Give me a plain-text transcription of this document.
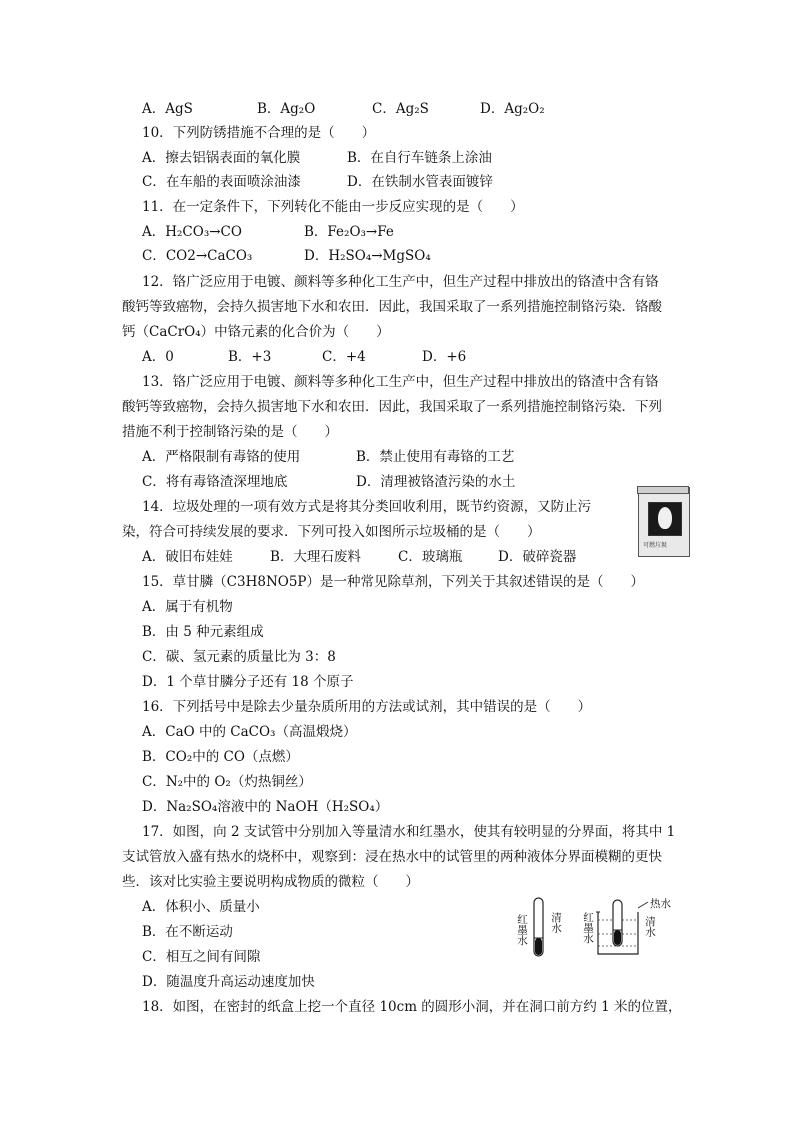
A．AgS	B．Ag₂O	C．Ag₂S	D．Ag₂O₂
10．下列防锈措施不合理的是（　　）
A．擦去铝锅表面的氧化膜	B．在自行车链条上涂油
C．在车船的表面喷涂油漆	D．在铁制水管表面镀锌
11．在一定条件下，下列转化不能由一步反应实现的是（　　）
A．H₂CO₃→CO	B．Fe₂O₃→Fe
C．CO2→CaCO₃	D．H₂SO₄→MgSO₄
12．铬广泛应用于电镀、颜料等多种化工生产中，但生产过程中排放出的铬渣中含有铬
酸钙等致癌物，会持久损害地下水和农田．因此，我国采取了一系列措施控制铬污染．铬酸
钙（CaCrO₄）中铬元素的化合价为（　　）
A．0	B．+3	C．+4	D．+6
13．铬广泛应用于电镀、颜料等多种化工生产中，但生产过程中排放出的铬渣中含有铬
酸钙等致癌物，会持久损害地下水和农田．因此，我国采取了一系列措施控制铬污染．下列
措施不利于控制铬污染的是（　　）
A．严格限制有毒铬的使用	B．禁止使用有毒铬的工艺
C．将有毒铬渣深埋地底	D．清理被铬渣污染的水土
14．垃圾处理的一项有效方式是将其分类回收利用，既节约资源，又防止污
染，符合可持续发展的要求．下列可投入如图所示垃圾桶的是（　　）
A．破旧布娃娃	B．大理石废料	C．玻璃瓶	D．破碎瓷器
可燃垃圾
15．草甘膦（C3H8NO5P）是一种常见除草剂，下列关于其叙述错误的是（　　）
A．属于有机物
B．由 5 种元素组成
C．碳、氢元素的质量比为 3：8
D．1 个草甘膦分子还有 18 个原子
16．下列括号中是除去少量杂质所用的方法或试剂，其中错误的是（　　）
A．CaO 中的 CaCO₃（高温煅烧）
B．CO₂中的 CO（点燃）
C．N₂中的 O₂（灼热铜丝）
D．Na₂SO₄溶液中的 NaOH（H₂SO₄）
17．如图，向 2 支试管中分别加入等量清水和红墨水，使其有较明显的分界面，将其中 1
支试管放入盛有热水的烧杯中，观察到：浸在热水中的试管里的两种液体分界面模糊的更快
些．该对比实验主要说明构成物质的微粒（　　）
A．体积小、质量小
B．在不断运动
C．相互之间有间隙
D．随温度升高运动速度加快
红墨水 清水 红墨水	清水
热水
18．如图，在密封的纸盒上挖一个直径 10cm 的圆形小洞，并在洞口前方约 1 米的位置，
